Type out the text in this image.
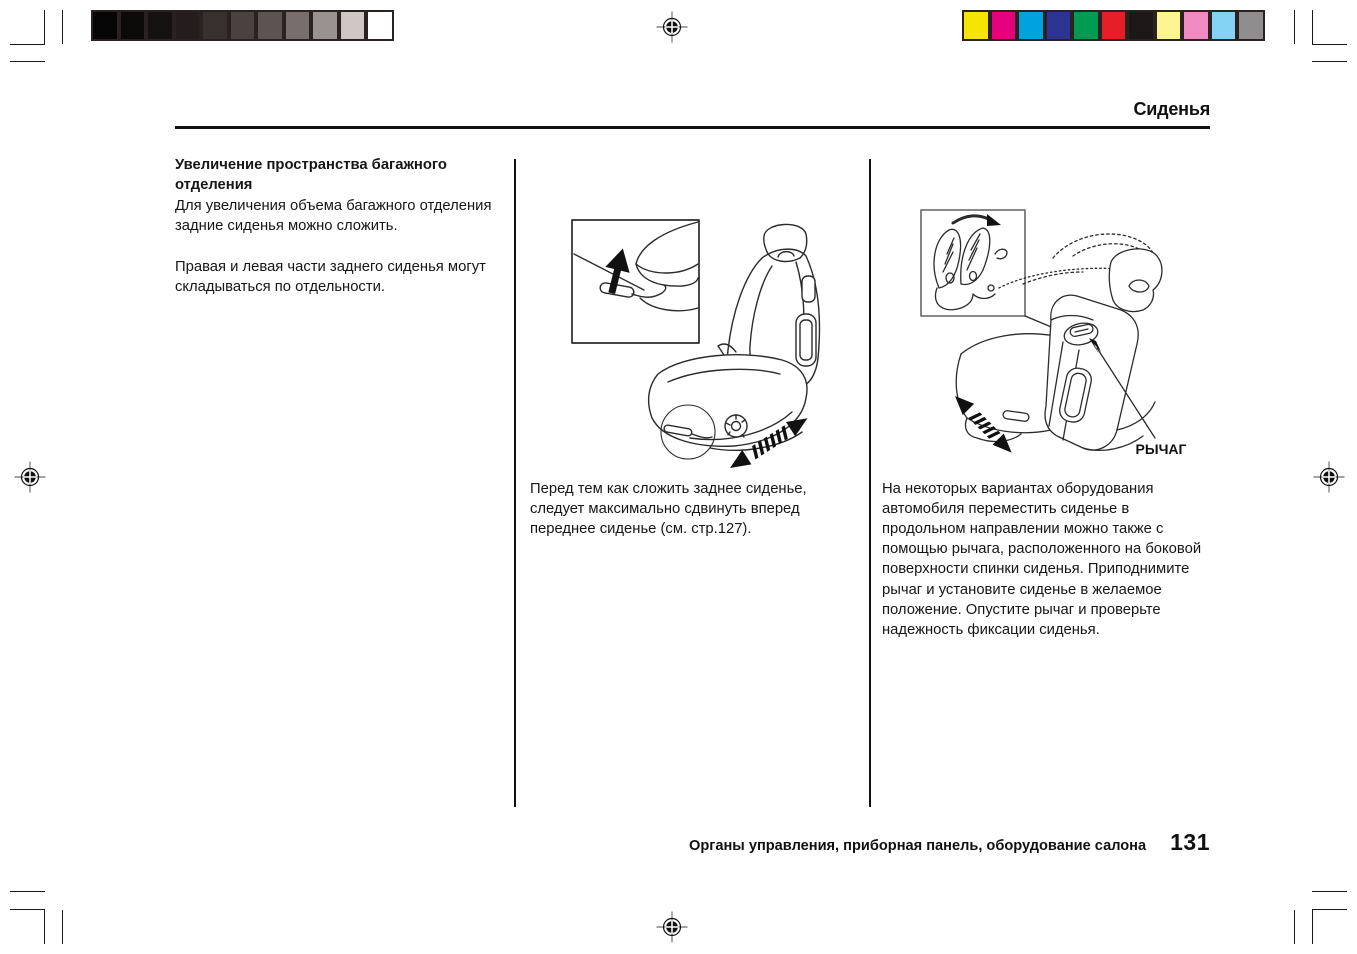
Сиденья
Увеличение пространства багажного отделения

Для увеличения объема багажного отделения задние сиденья можно сложить.

Правая и левая части заднего сиденья могут складываться по отдельности.

Перед тем как сложить заднее сиденье, следует максимально сдвинуть вперед переднее сиденье (см. стр.127).

РЫЧАГ

На некоторых вариантах оборудования автомобиля переместить сиденье в продольном направлении можно также с помощью рычага, расположенного на боковой поверхности спинки сиденья. Приподнимите рычаг и установите сиденье в желаемое положение. Опустите рычаг и проверьте надежность фиксации сиденья.

Органы управления, приборная панель, оборудование салона 131
